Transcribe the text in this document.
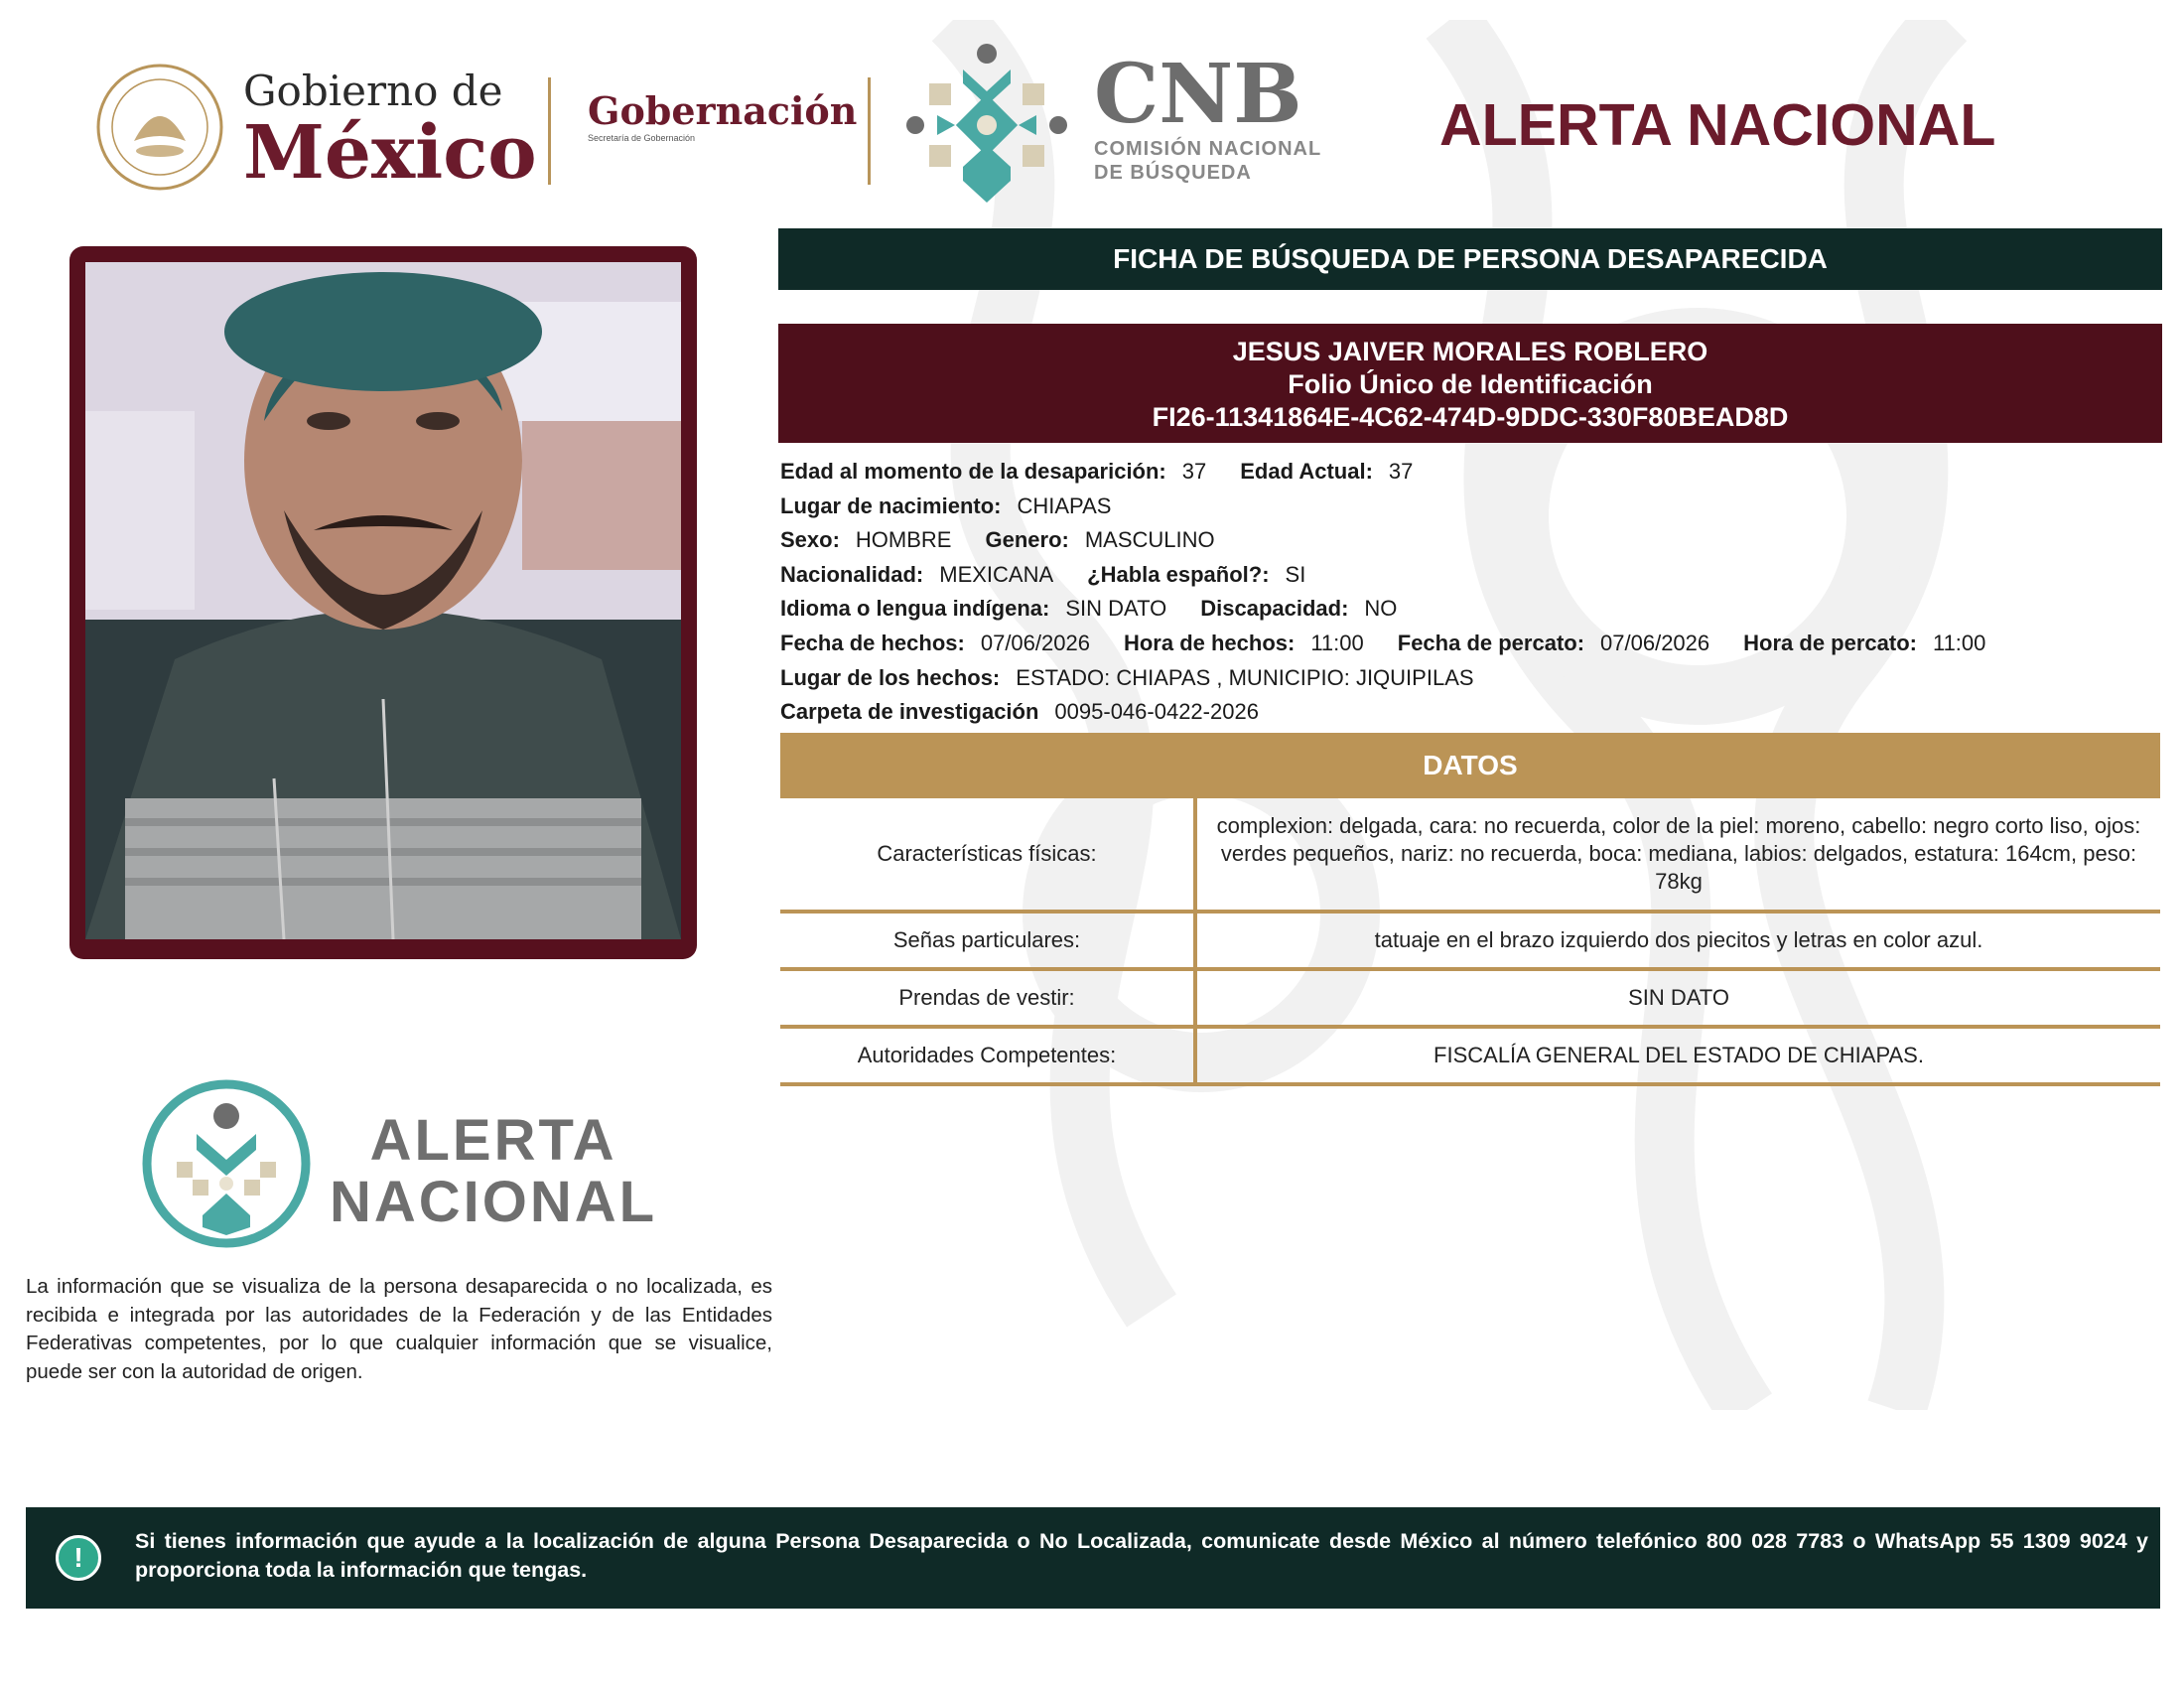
Gobierno de
México Gobernación
Secretaría de Gobernación	CNB
COMISIÓN NACIONAL
DE BÚSQUEDA
ALERTA NACIONAL
FICHA DE BÚSQUEDA DE PERSONA DESAPARECIDA
JESUS JAIVER MORALES ROBLERO
Folio Único de Identificación
FI26-11341864E-4C62-474D-9DDC-330F80BEAD8D
Edad al momento de la desaparición: 37 Edad Actual: 37
Lugar de nacimiento: CHIAPAS
Sexo: HOMBRE Genero: MASCULINO
Nacionalidad: MEXICANA ¿Habla español?: SI
Idioma o lengua indígena: SIN DATO Discapacidad: NO
Fecha de hechos: 07/06/2026 Hora de hechos: 11:00 Fecha de percato: 07/06/2026 Hora de percato: 11:00
Lugar de los hechos: ESTADO: CHIAPAS , MUNICIPIO: JIQUIPILAS
Carpeta de investigación 0095-046-0422-2026
DATOS
Características físicas:	complexion: delgada, cara: no recuerda, color de la piel: moreno, cabello: negro corto liso, ojos: verdes pequeños, nariz: no recuerda, boca: mediana, labios: delgados, estatura: 164cm, peso: 78kg
Señas particulares:	tatuaje en el brazo izquierdo dos piecitos y letras en color azul.
Prendas de vestir:	SIN DATO
Autoridades Competentes:	FISCALÍA GENERAL DEL ESTADO DE CHIAPAS.
ALERTA
NACIONAL
La información que se visualiza de la persona desaparecida o no localizada, es recibida e integrada por las autoridades de la Federación y de las Entidades Federativas competentes, por lo que cualquier información que se visualice, puede ser con la autoridad de origen.
!
Si tienes información que ayude a la localización de alguna Persona Desaparecida o No Localizada, comunicate desde México al número telefónico 800 028 7783 o WhatsApp 55 1309 9024 y proporciona toda la información que tengas.
